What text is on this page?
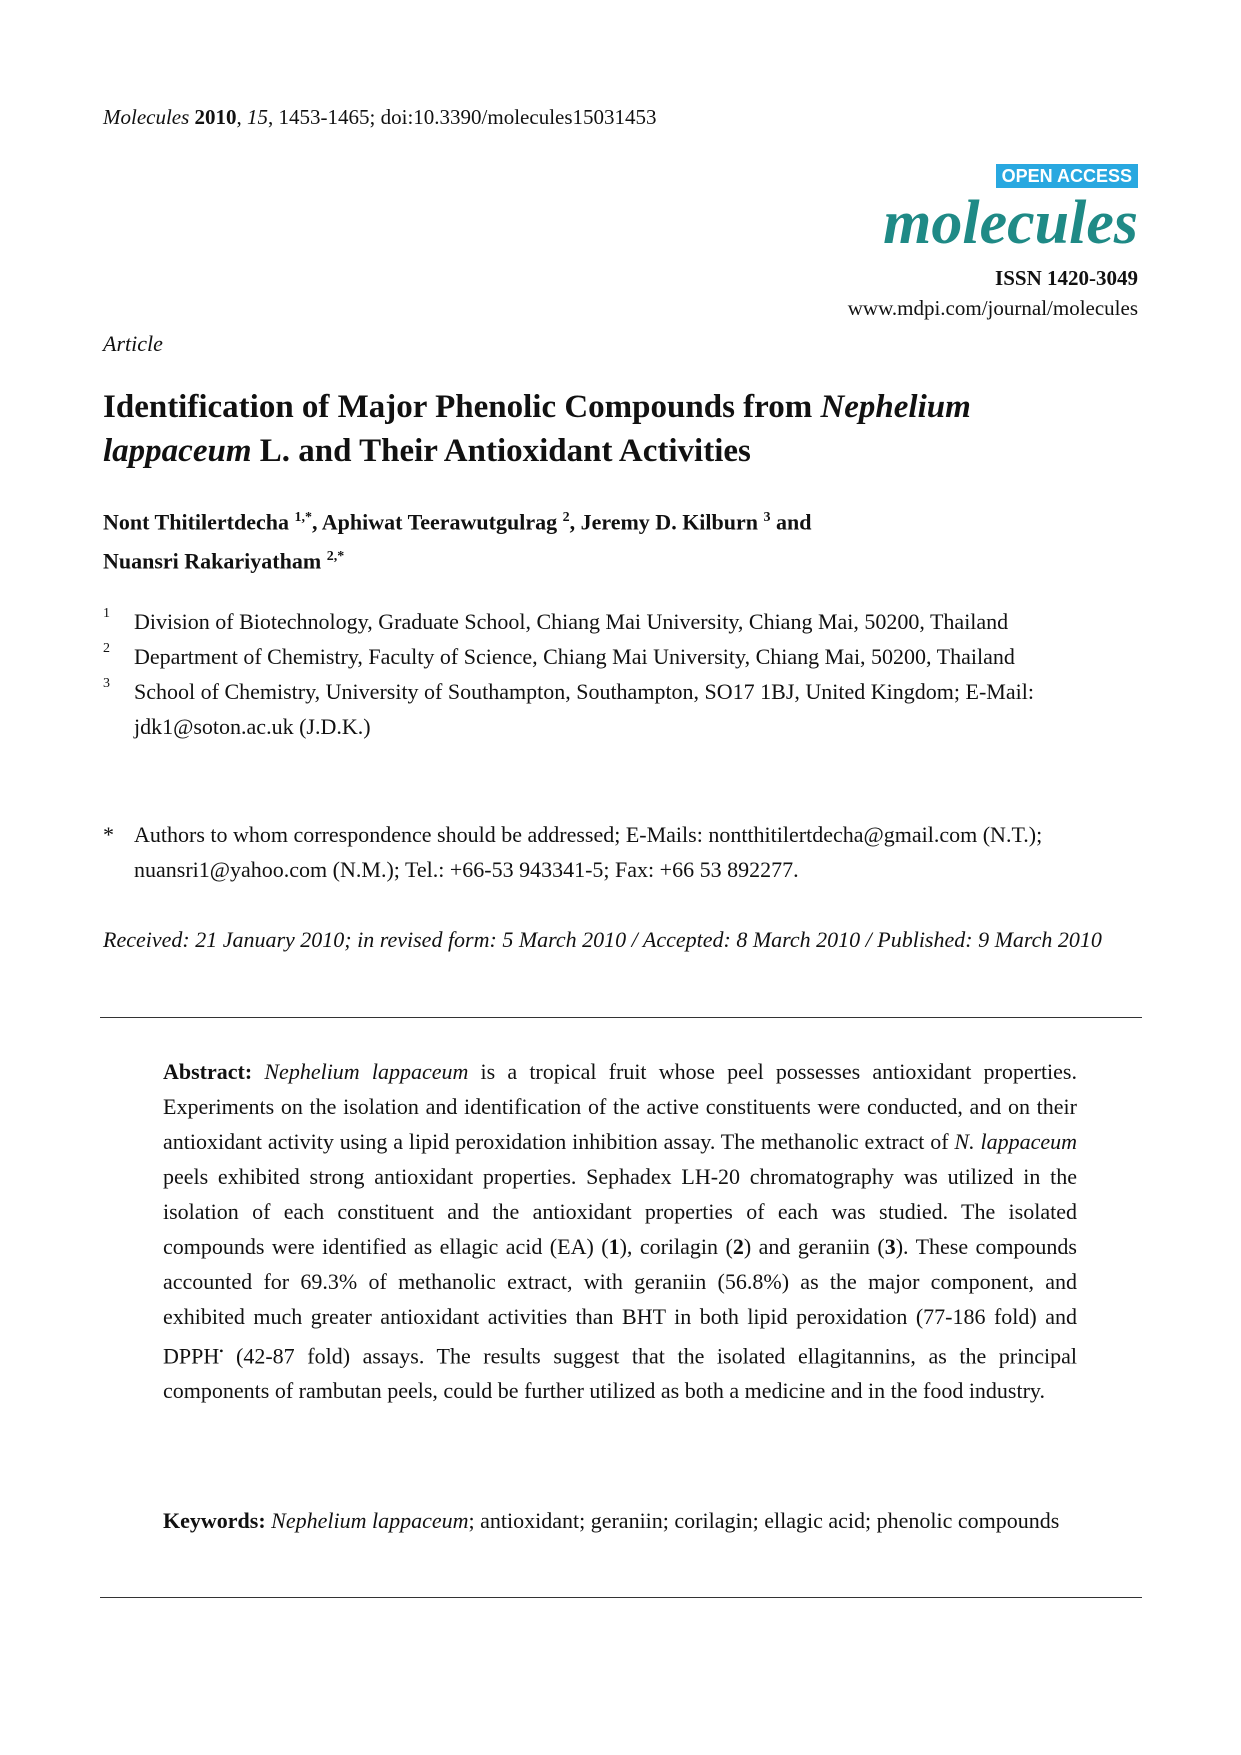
Molecules 2010, 15, 1453-1465; doi:10.3390/molecules15031453
OPEN ACCESS
molecules
ISSN 1420-3049
www.mdpi.com/journal/molecules
Article
Identification of Major Phenolic Compounds from Nephelium
lappaceum L. and Their Antioxidant Activities
Nont Thitilertdecha $^{1,*}$, Aphiwat Teerawutgulrag $^2$, Jeremy D. Kilburn $^3$ and
Nuansri Rakariyatham $^{2,*}$
1 Division of Biotechnology, Graduate School, Chiang Mai University, Chiang Mai, 50200, Thailand
2 Department of Chemistry, Faculty of Science, Chiang Mai University, Chiang Mai, 50200, Thailand
3 School of Chemistry, University of Southampton, Southampton, SO17 1BJ, United Kingdom; E-Mail: jdk1@soton.ac.uk (J.D.K.)
* Authors to whom correspondence should be addressed; E-Mails: nontthitilertdecha@gmail.com (N.T.); nuansri1@yahoo.com (N.M.); Tel.: +66-53 943341-5; Fax: +66 53 892277.
Received: 21 January 2010; in revised form: 5 March 2010 / Accepted: 8 March 2010 / Published: 9 March 2010

Abstract: Nephelium lappaceum is a tropical fruit whose peel possesses antioxidant properties. Experiments on the isolation and identification of the active constituents were conducted, and on their antioxidant activity using a lipid peroxidation inhibition assay. The methanolic extract of N. lappaceum peels exhibited strong antioxidant properties. Sephadex LH-20 chromatography was utilized in the isolation of each constituent and the antioxidant properties of each was studied. The isolated compounds were identified as ellagic acid (EA) (1), corilagin (2) and geraniin (3). These compounds accounted for 69.3% of methanolic extract, with geraniin (56.8%) as the major component, and exhibited much greater antioxidant activities than BHT in both lipid peroxidation (77-186 fold) and DPPH• (42-87 fold) assays. The results suggest that the isolated ellagitannins, as the principal components of rambutan peels, could be further utilized as both a medicine and in the food industry.

Keywords: Nephelium lappaceum; antioxidant; geraniin; corilagin; ellagic acid; phenolic compounds
